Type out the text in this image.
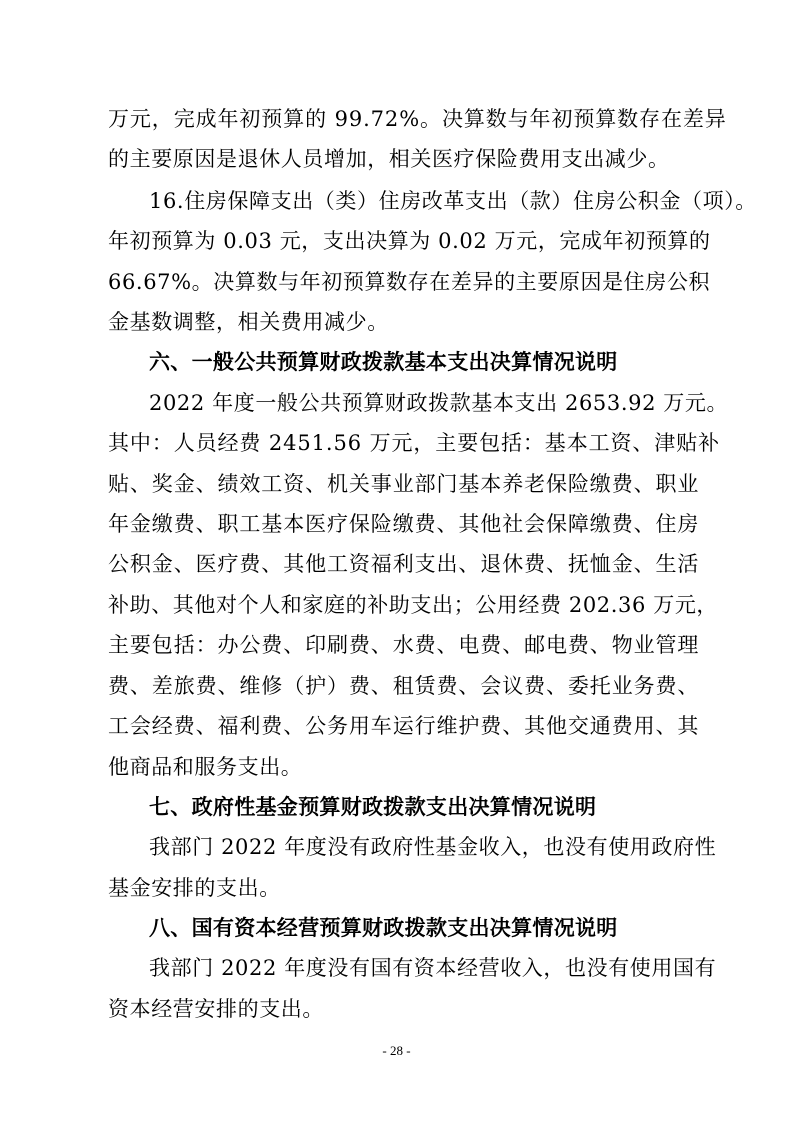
万元，完成年初预算的 99.72%。决算数与年初预算数存在差异
的主要原因是退休人员增加，相关医疗保险费用支出减少。
16.住房保障支出（类）住房改革支出（款）住房公积金（项）。
年初预算为 0.03 元，支出决算为 0.02 万元，完成年初预算的
66.67%。决算数与年初预算数存在差异的主要原因是住房公积
金基数调整，相关费用减少。
六、一般公共预算财政拨款基本支出决算情况说明
2022 年度一般公共预算财政拨款基本支出 2653.92 万元。
其中：人员经费 2451.56 万元，主要包括：基本工资、津贴补
贴、奖金、绩效工资、机关事业部门基本养老保险缴费、职业
年金缴费、职工基本医疗保险缴费、其他社会保障缴费、住房
公积金、医疗费、其他工资福利支出、退休费、抚恤金、生活
补助、其他对个人和家庭的补助支出；公用经费 202.36 万元，
主要包括：办公费、印刷费、水费、电费、邮电费、物业管理
费、差旅费、维修（护）费、租赁费、会议费、委托业务费、
工会经费、福利费、公务用车运行维护费、其他交通费用、其
他商品和服务支出。
七、政府性基金预算财政拨款支出决算情况说明
我部门 2022 年度没有政府性基金收入，也没有使用政府性
基金安排的支出。
八、国有资本经营预算财政拨款支出决算情况说明
我部门 2022 年度没有国有资本经营收入，也没有使用国有
资本经营安排的支出。
- 28 -
